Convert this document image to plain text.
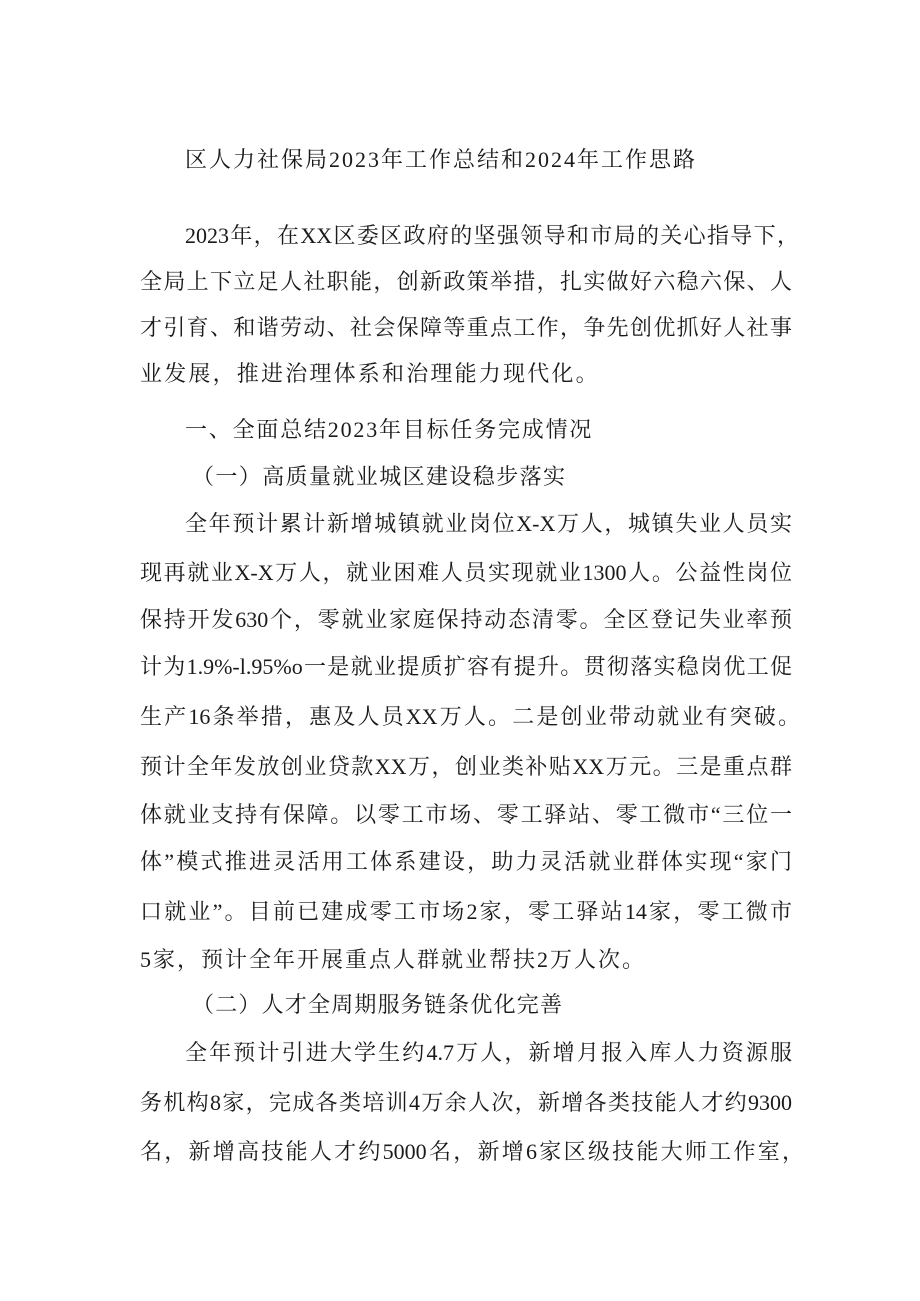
区人力社保局2023年工作总结和2024年工作思路
2023年，在XX区委区政府的坚强领导和市局的关心指导下，
全局上下立足人社职能，创新政策举措，扎实做好六稳六保、人
才引育、和谐劳动、社会保障等重点工作，争先创优抓好人社事
业发展，推进治理体系和治理能力现代化。
一、全面总结2023年目标任务完成情况
（一）高质量就业城区建设稳步落实
全年预计累计新增城镇就业岗位X-X万人，城镇失业人员实
现再就业X-X万人，就业困难人员实现就业1300人。公益性岗位
保持开发630个，零就业家庭保持动态清零。全区登记失业率预
计为1.9%-l.95%o一是就业提质扩容有提升。贯彻落实稳岗优工促
生产16条举措，惠及人员XX万人。二是创业带动就业有突破。
预计全年发放创业贷款XX万，创业类补贴XX万元。三是重点群
体就业支持有保障。以零工市场、零工驿站、零工微市“三位一
体”模式推进灵活用工体系建设，助力灵活就业群体实现“家门
口就业”。目前已建成零工市场2家，零工驿站14家，零工微市
5家，预计全年开展重点人群就业帮扶2万人次。
（二）人才全周期服务链条优化完善
全年预计引进大学生约4.7万人，新增月报入库人力资源服
务机构8家，完成各类培训4万余人次，新增各类技能人才约9300
名，新增高技能人才约5000名，新增6家区级技能大师工作室，
